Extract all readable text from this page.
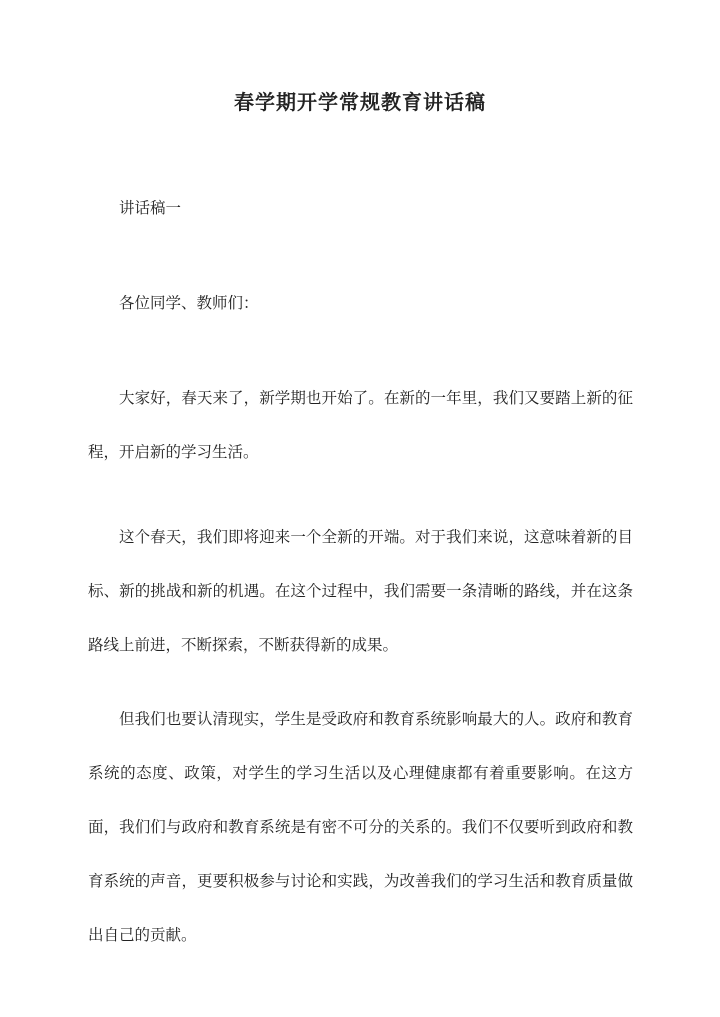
春学期开学常规教育讲话稿

讲话稿一

各位同学、教师们：

大家好，春天来了，新学期也开始了。在新的一年里，我们又要踏上新的征程，开启新的学习生活。

这个春天，我们即将迎来一个全新的开端。对于我们来说，这意味着新的目标、新的挑战和新的机遇。在这个过程中，我们需要一条清晰的路线，并在这条路线上前进，不断探索，不断获得新的成果。

但我们也要认清现实，学生是受政府和教育系统影响最大的人。政府和教育系统的态度、政策，对学生的学习生活以及心理健康都有着重要影响。在这方面，我们们与政府和教育系统是有密不可分的关系的。我们不仅要听到政府和教育系统的声音，更要积极参与讨论和实践，为改善我们的学习生活和教育质量做出自己的贡献。
